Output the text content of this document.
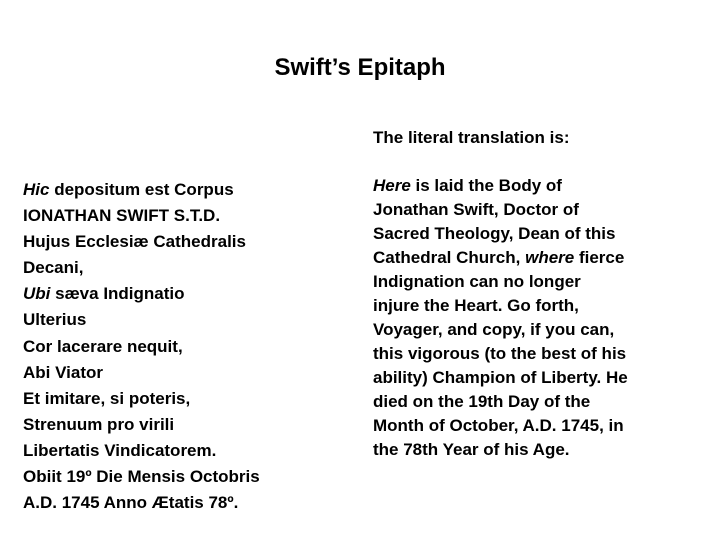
Swift’s Epitaph
The literal translation is:
Hic depositum est Corpus
IONATHAN SWIFT S.T.D.
Hujus Ecclesiæ Cathedralis
Decani,
Ubi sæva Indignatio
Ulterius
Cor lacerare nequit,
Abi Viator
Et imitare, si poteris,
Strenuum pro virili
Libertatis Vindicatorem.
Obiit 19º Die Mensis Octobris
A.D. 1745 Anno Ætatis 78º.
Here is laid the Body of
Jonathan Swift, Doctor of
Sacred Theology, Dean of this
Cathedral Church, where fierce
Indignation can no longer
injure the Heart. Go forth,
Voyager, and copy, if you can,
this vigorous (to the best of his
ability) Champion of Liberty. He
died on the 19th Day of the
Month of October, A.D. 1745, in
the 78th Year of his Age.
